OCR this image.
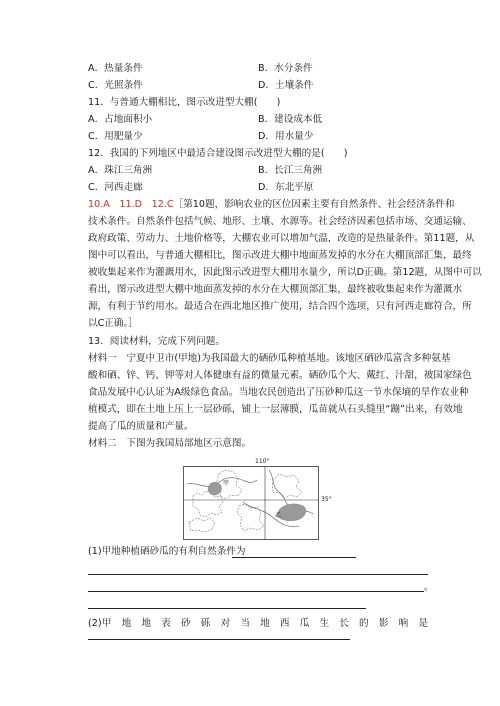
A．热量条件	B．水分条件
C．光照条件	D．土壤条件
11．与普通大棚相比，图示改进型大棚(　　)
A．占地面积小	B．建设成本低
C．用肥量少	D．用水量少
12．我国的下列地区中最适合建设图示改进型大棚的是(　　)
A．珠江三角洲	B．长江三角洲
C．河西走廊	D．东北平原
10.A　11.D　12.C［第10题，影响农业的区位因素主要有自然条件、社会经济条件和
技术条件。自然条件包括气候、地形、土壤、水源等。社会经济因素包括市场、交通运输、
政府政策、劳动力、土地价格等，大棚农业可以增加气温，改造的是热量条件。第11题，从
图中可以看出，与普通大棚相比，图示改进大棚中地面蒸发掉的水分在大棚顶部汇集，最终
被收集起来作为灌溉用水，因此图示改进型大棚用水量少，所以D正确。第12题，从图中可以
看出，图示改进型大棚中地面蒸发掉的水分在大棚顶部汇集，最终被收集起来作为灌溉水
源，有利于节约用水。最适合在西北地区推广使用，结合四个选项，只有河西走廊符合，所
以C正确。］
13．阅读材料，完成下列问题。
材料一　宁夏中卫市(甲地)为我国最大的硒砂瓜种植基地。该地区硒砂瓜富含多种氨基
酸和硒、锌、钙、钾等对人体健康有益的微量元素。硒砂瓜个大、戴红、汁甜，被国家绿色
食品发展中心认证为A级绿色食品。当地农民创造出了压砂种瓜这一节水保墒的旱作农业种
植模式，即在土地上压上一层砂砾，铺上一层薄膜，瓜苗就从石头缝里“蹦”出来，有效地
提高了瓜的质量和产量。
材料二　下图为我国局部地区示意图。
110°
35°
甲
乙
(1)甲地种植硒砂瓜的有利自然条件为
。
(2)甲　地　地　表　砂　砾　对　当　地　西　瓜　生　长　的　影　响　是
